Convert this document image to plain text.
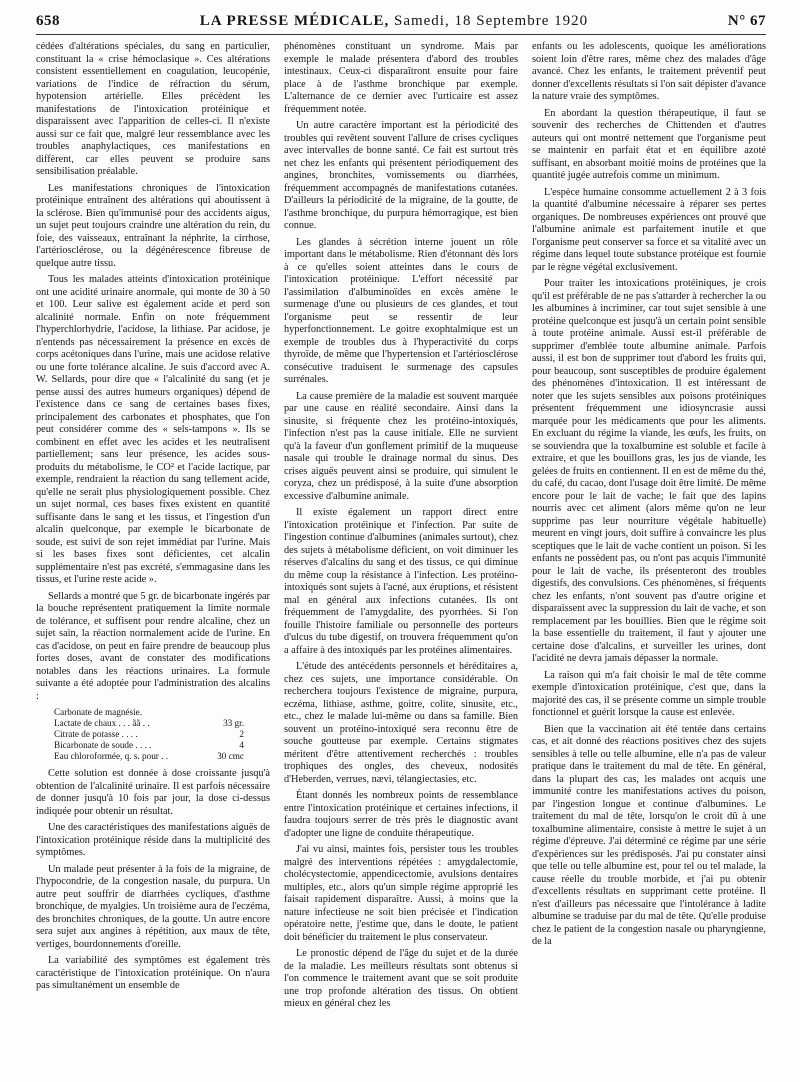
658	LA PRESSE MÉDICALE, Samedi, 18 Septembre 1920	N° 67

cédées d'altérations spéciales, du sang en particulier, constituant la « crise hémoclasique ». Ces altérations consistent essentiellement en coagulation, leucopénie, variations de l'indice de réfraction du sérum, hypotension artérielle. Elles précèdent les manifestations de l'intoxication protéinique et disparaissent avec l'apparition de celles-ci. Il n'existe aussi sur ce fait que, malgré leur ressemblance avec les troubles anaphylactiques, ces manifestations en diffèrent, car elles peuvent se produire sans sensibilisation préalable.

Les manifestations chroniques de l'intoxication protéinique entraînent des altérations qui aboutissent à la sclérose. Bien qu'immunisé pour des accidents aigus, un sujet peut toujours craindre une altération du rein, du foie, des vaisseaux, entraînant la néphrite, la cirrhose, l'artériosclérose, ou la dégénérescence fibreuse de quelque autre tissu.

Tous les malades atteints d'intoxication protéinique ont une acidité urinaire anormale, qui monte de 30 à 50 et 100. Leur salive est également acide et perd son alcalinité normale. Enfin on note fréquemment l'hyperchlorhydrie, l'acidose, la lithiase. Par acidose, je n'entends pas nécessairement la présence en excès de corps acétoniques dans l'urine, mais une acidose relative ou une forte tolérance alcaline. Je suis d'accord avec A. W. Sellards, pour dire que « l'alcalinité du sang (et je pense aussi des autres humeurs organiques) dépend de l'existence dans ce sang de certaines bases fixes, principalement des carbonates et phosphates, que l'on peut considérer comme des « sels-tampons ». Ils se combinent en effet avec les acides et les neutralisent partiellement; sans leur présence, les acides sous-produits du métabolisme, le CO² et l'acide lactique, par exemple, rendraient la réaction du sang tellement acide, qu'elle ne serait plus physiologiquement possible. Chez un sujet normal, ces bases fixes existent en quantité suffisante dans le sang et les tissus, et l'ingestion d'un alcalin quelconque, par exemple le bicarbonate de soude, est suivi de son rejet immédiat par l'urine. Mais si les bases fixes sont déficientes, cet alcalin supplémentaire n'est pas excrété, s'emmagasine dans les tissus, et l'urine reste acide ».

Sellards a montré que 5 gr. de bicarbonate ingérés par la bouche représentent pratiquement la limite normale de tolérance, et suffisent pour rendre alcaline, chez un sujet sain, la réaction normalement acide de l'urine. En cas d'acidose, on peut en faire prendre de beaucoup plus fortes doses, avant de constater des modifications notables dans les réactions urinaires. La formule suivante a été adoptée pour l'administration des alcalins :

Carbonate de magnésie.
Lactate de chaux . . . ãã . .	33 gr.
Citrate de potasse . . . .	2
Bicarbonate de soude . . . .	4
Eau chloroformée, q. s. pour . .	30 cmc

Cette solution est donnée à dose croissante jusqu'à obtention de l'alcalinité urinaire. Il est parfois nécessaire de donner jusqu'à 10 fois par jour, la dose ci-dessus indiquée pour obtenir un résultat.

Une des caractéristiques des manifestations aiguës de l'intoxication protéinique réside dans la multiplicité des symptômes.

Un malade peut présenter à la fois de la migraine, de l'hypocondrie, de la congestion nasale, du purpura. Un autre peut souffrir de diarrhées cycliques, d'asthme bronchique, de myalgies. Un troisième aura de l'eczéma, des bronchites chroniques, de la goutte. Un autre encore sera sujet aux angines à répétition, aux maux de tête, vertiges, bourdonnements d'oreille.

La variabilité des symptômes est également très caractéristique de l'intoxication protéinique. On n'aura pas simultanément un ensemble de

phénomènes constituant un syndrome. Mais par exemple le malade présentera d'abord des troubles intestinaux. Ceux-ci disparaîtront ensuite pour faire place à de l'asthme bronchique par exemple. L'alternance de ce dernier avec l'urticaire est assez fréquemment notée.

Un autre caractère important est la périodicité des troubles qui revêtent souvent l'allure de crises cycliques avec intervalles de bonne santé. Ce fait est surtout très net chez les enfants qui présentent périodiquement des angines, bronchites, vomissements ou diarrhées, fréquemment accompagnés de manifestations cutanées. D'ailleurs la périodicité de la migraine, de la goutte, de l'asthme bronchique, du purpura hémorragique, est bien connue.

Les glandes à sécrétion interne jouent un rôle important dans le métabolisme. Rien d'étonnant dès lors à ce qu'elles soient atteintes dans le cours de l'intoxication protéinique. L'effort nécessité par l'assimilation d'albuminoïdes en excès amène le surmenage d'une ou plusieurs de ces glandes, et tout l'organisme peut se ressentir de leur hyperfonctionnement. Le goitre exophtalmique est un exemple de troubles dus à l'hyperactivité du corps thyroïde, de même que l'hypertension et l'artériosclérose consécutive traduisent le surmenage des capsules surrénales.

La cause première de la maladie est souvent marquée par une cause en réalité secondaire. Ainsi dans la sinusite, si fréquente chez les protéino-intoxiqués, l'infection n'est pas la cause initiale. Elle ne survient qu'à la faveur d'un gonflement primitif de la muqueuse nasale qui trouble le drainage normal du sinus. Des crises aiguës peuvent ainsi se produire, qui simulent le coryza, chez un prédisposé, à la suite d'une absorption excessive d'albumine animale.

Il existe également un rapport direct entre l'intoxication protéinique et l'infection. Par suite de l'ingestion continue d'albumines (animales surtout), chez des sujets à métabolisme déficient, on voit diminuer les réserves d'alcalins du sang et des tissus, ce qui diminue du même coup la résistance à l'infection. Les protéino-intoxiqués sont sujets à l'acné, aux éruptions, et résistent mal en général aux infections cutanées. Ils ont fréquemment de l'amygdalite, des pyorrhées. Si l'on fouille l'histoire familiale ou personnelle des porteurs d'ulcus du tube digestif, on trouvera fréquemment qu'on a affaire à des intoxiqués par les protéines alimentaires.

L'étude des antécédents personnels et héréditaires a, chez ces sujets, une importance considérable. On recherchera toujours l'existence de migraine, purpura, eczéma, lithiase, asthme, goitre, colite, sinusite, etc., etc., chez le malade lui-même ou dans sa famille. Bien souvent un protéino-intoxiqué sera reconnu être de souche goutteuse par exemple. Certains stigmates méritent d'être attentivement recherchés : troubles trophiques des ongles, des cheveux, nodosités d'Heberden, verrues, nævi, télangiectasies, etc.

Étant donnés les nombreux points de ressemblance entre l'intoxication protéinique et certaines infections, il faudra toujours serrer de très près le diagnostic avant d'adopter une ligne de conduite thérapeutique.

J'ai vu ainsi, maintes fois, persister tous les troubles malgré des interventions répétées : amygdalectomie, cholécystectomie, appendicectomie, avulsions dentaires multiples, etc., alors qu'un simple régime approprié les faisait rapidement disparaître. Aussi, à moins que la nature infectieuse ne soit bien précisée et l'indication opératoire nette, j'estime que, dans le doute, le patient doit bénéficier du traitement le plus conservateur.

Le pronostic dépend de l'âge du sujet et de la durée de la maladie. Les meilleurs résultats sont obtenus si l'on commence le traitement avant que se soit produite une trop profonde altération des tissus. On obtient mieux en général chez les

enfants ou les adolescents, quoique les améliorations soient loin d'être rares, même chez des malades d'âge avancé. Chez les enfants, le traitement préventif peut donner d'excellents résultats si l'on sait dépister d'avance la nature vraie des symptômes.

En abordant la question thérapeutique, il faut se souvenir des recherches de Chittenden et d'autres auteurs qui ont montré nettement que l'organisme peut se maintenir en parfait état et en équilibre azoté suffisant, en absorbant moitié moins de protéines que la quantité jugée autrefois comme un minimum.

L'espèce humaine consomme actuellement 2 à 3 fois la quantité d'albumine nécessaire à réparer ses pertes organiques. De nombreuses expériences ont prouvé que l'albumine animale est parfaitement inutile et que l'organisme peut conserver sa force et sa vitalité avec un régime dans lequel toute substance protéique est fournie par le règne végétal exclusivement.

Pour traiter les intoxications protéiniques, je crois qu'il est préférable de ne pas s'attarder à rechercher la ou les albumines à incriminer, car tout sujet sensible à une protéine quelconque est jusqu'à un certain point sensible à toute protéine animale. Aussi est-il préférable de supprimer d'emblée toute albumine animale. Parfois aussi, il est bon de supprimer tout d'abord les fruits qui, pour beaucoup, sont susceptibles de produire également des phénomènes d'intoxication. Il est intéressant de noter que les sujets sensibles aux poisons protéiniques présentent fréquemment une idiosyncrasie aussi marquée pour les médicaments que pour les aliments. En excluant du régime la viande, les œufs, les fruits, on se souviendra que la toxalbumine est soluble et facile à extraire, et que les bouillons gras, les jus de viande, les gelées de fruits en contiennent. Il en est de même du thé, du café, du cacao, dont l'usage doit être limité. De même encore pour le lait de vache; le fait que des lapins nourris avec cet aliment (alors même qu'on ne leur supprime pas leur nourriture végétale habituelle) meurent en vingt jours, doit suffire à convaincre les plus sceptiques que le lait de vache contient un poison. Si les enfants ne possèdent pas, ou n'ont pas acquis l'immunité pour le lait de vache, ils présenteront des troubles digestifs, des convulsions. Ces phénomènes, si fréquents chez les enfants, n'ont souvent pas d'autre origine et disparaissent avec la suppression du lait de vache, et son remplacement par les bouillies. Bien que le régime soit la base essentielle du traitement, il faut y ajouter une certaine dose d'alcalins, et surveiller les urines, dont l'acidité ne devra jamais dépasser la normale.

La raison qui m'a fait choisir le mal de tête comme exemple d'intoxication protéinique, c'est que, dans la majorité des cas, il se présente comme un simple trouble fonctionnel et guérit lorsque la cause est enlevée.

Bien que la vaccination ait été tentée dans certains cas, et ait donné des réactions positives chez des sujets sensibles à telle ou telle albumine, elle n'a pas de valeur pratique dans le traitement du mal de tête. En général, dans la plupart des cas, les malades ont acquis une immunité contre les manifestations actives du poison, par l'ingestion longue et continue d'albumines. Le traitement du mal de tête, lorsqu'on le croit dû à une toxalbumine alimentaire, consiste à mettre le sujet à un régime d'épreuve. J'ai déterminé ce régime par une série d'expériences sur les prédisposés. J'ai pu constater ainsi que telle ou telle albumine est, pour tel ou tel malade, la cause réelle du trouble morbide, et j'ai pu obtenir d'excellents résultats en supprimant cette protéine. Il n'est d'ailleurs pas nécessaire que l'intolérance à ladite albumine se traduise par du mal de tête. Qu'elle produise chez le patient de la congestion nasale ou pharyngienne, de la
